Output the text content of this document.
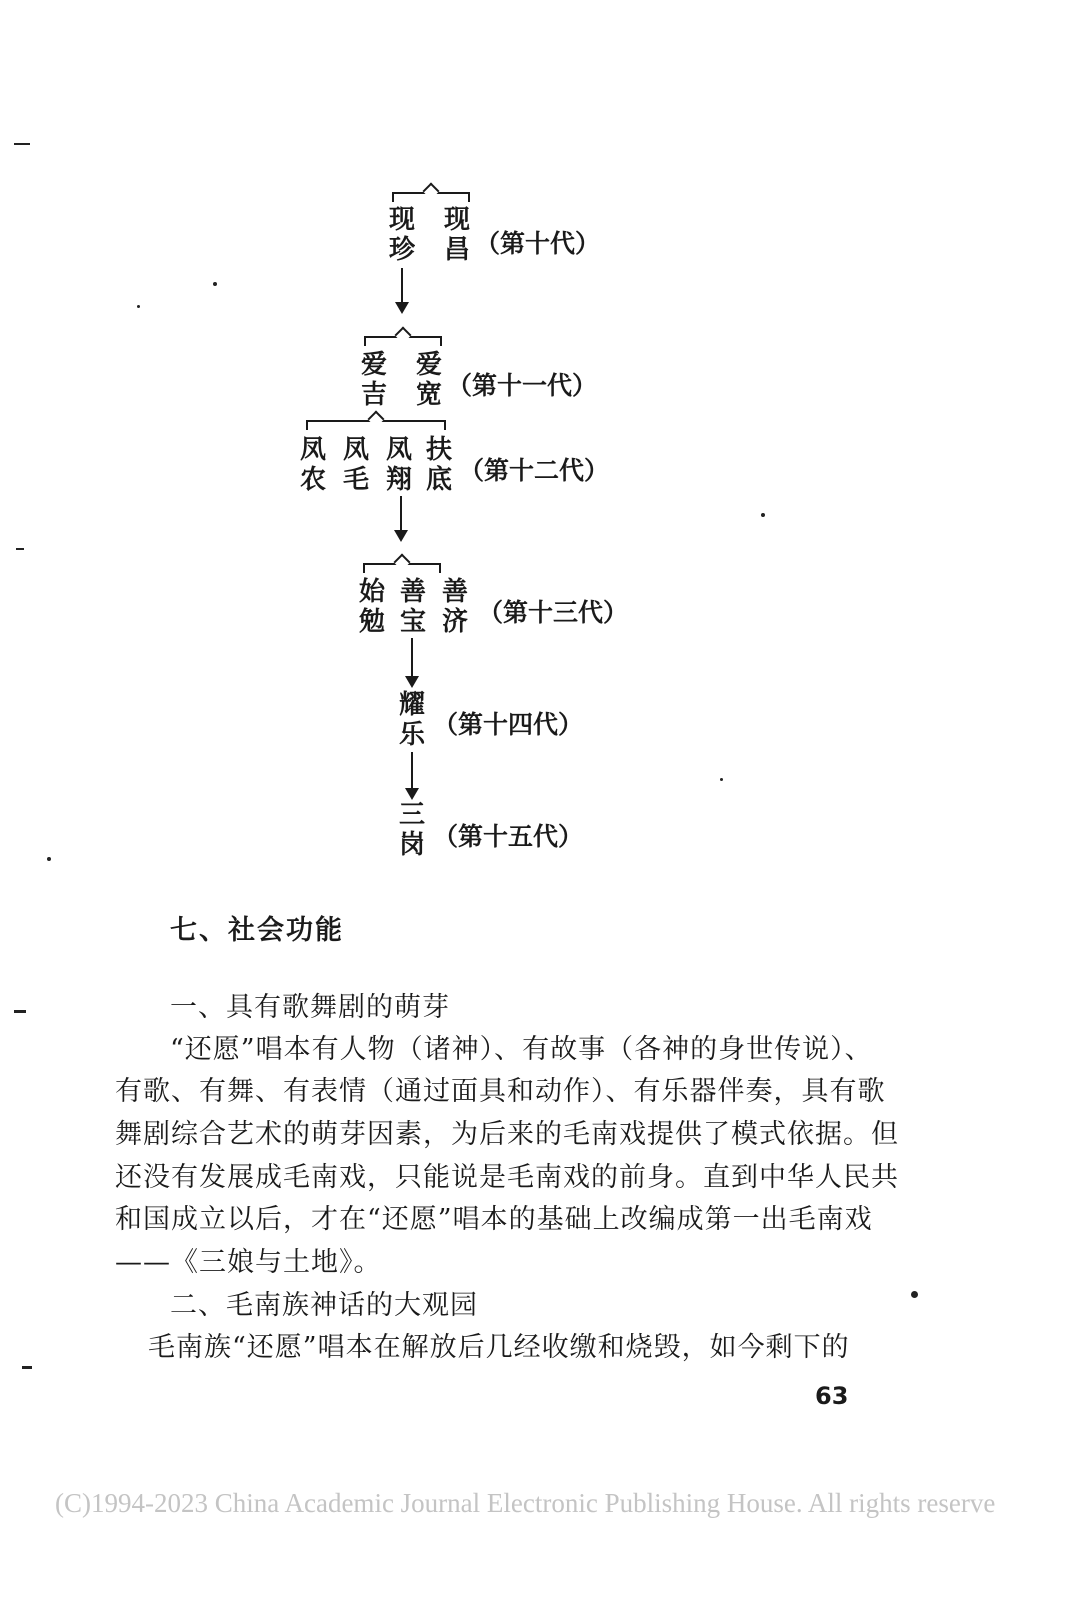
现珍
现昌 （第十代）
爱吉
爱宽 （第十一代）
凤农
凤毛
凤翔
扶底 （第十二代）
始勉
善宝
善济 （第十三代）
耀乐 （第十四代）
三岗 （第十五代）
七、社会功能
一、具有歌舞剧的萌芽
“还愿”唱本有人物（诸神）、有故事（各神的身世传说）、
有歌、有舞、有表情（通过面具和动作）、有乐器伴奏，具有歌
舞剧综合艺术的萌芽因素，为后来的毛南戏提供了模式依据。但
还没有发展成毛南戏，只能说是毛南戏的前身。直到中华人民共
和国成立以后，才在“还愿”唱本的基础上改编成第一出毛南戏
——《三娘与土地》。
二、毛南族神话的大观园
毛南族“还愿”唱本在解放后几经收缴和烧毁，如今剩下的
63
(C)1994-2023 China Academic Journal Electronic Publishing House. All rights reserve
